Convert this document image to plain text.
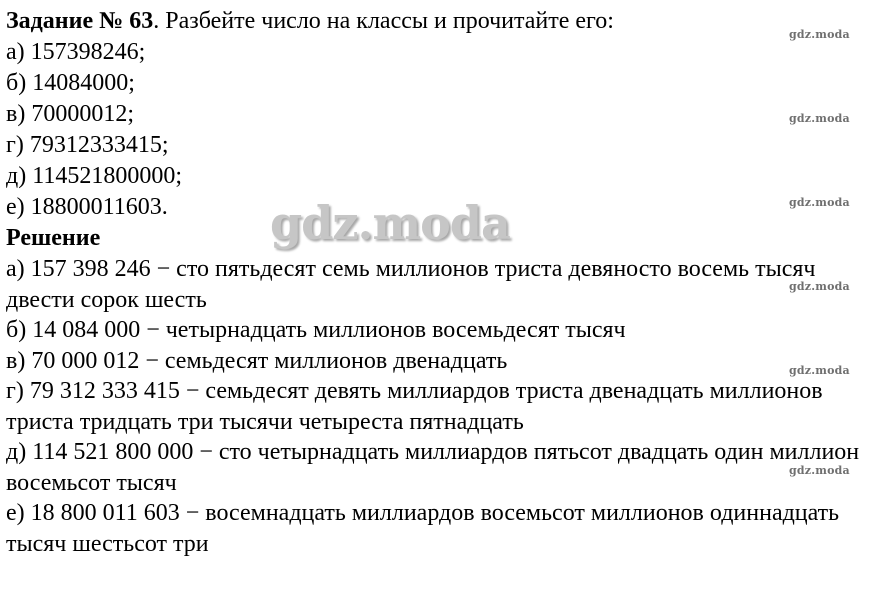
Задание № 63. Разбейте число на классы и прочитайте его:

а) 157398246;

б) 14084000;

в) 70000012;

г) 79312333415;

д) 114521800000;

е) 18800011603.

Решение

а) 157 398 246 − сто пятьдесят семь миллионов триста девяносто восемь тысяч двести сорок шесть

б) 14 084 000 − четырнадцать миллионов восемьдесят тысяч

в) 70 000 012 − семьдесят миллионов двенадцать

г) 79 312 333 415 − семьдесят девять миллиардов триста двенадцать миллионов триста тридцать три тысячи четыреста пятнадцать

д) 114 521 800 000 − сто четырнадцать миллиардов пятьсот двадцать один миллион восемьсот тысяч

е) 18 800 011 603 − восемнадцать миллиардов восемьсот миллионов одиннадцать тысяч шестьсот три

gdz.moda
gdz.moda
gdz.moda
gdz.moda
gdz.moda
gdz.moda
gdz.moda
